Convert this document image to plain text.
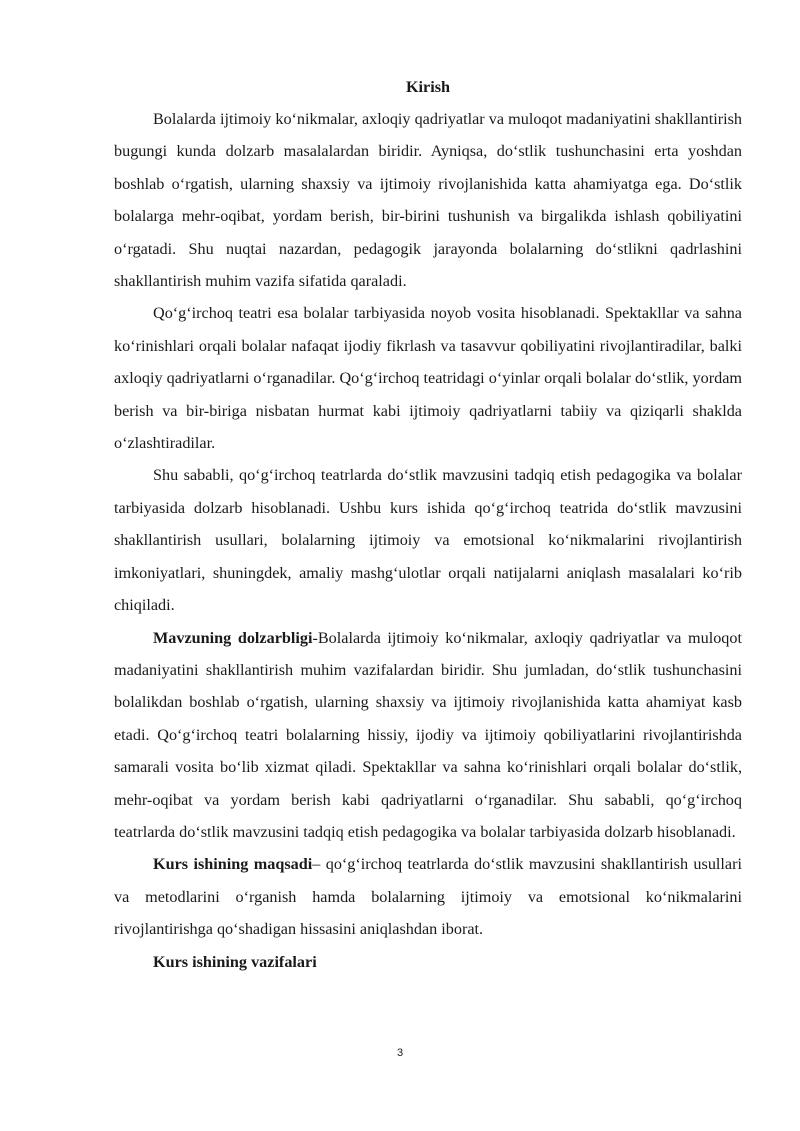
Kirish

Bolalarda ijtimoiy ko‘nikmalar, axloqiy qadriyatlar va muloqot madaniyatini shakllantirish bugungi kunda dolzarb masalalardan biridir. Ayniqsa, do‘stlik tushunchasini erta yoshdan boshlab o‘rgatish, ularning shaxsiy va ijtimoiy rivojlanishida katta ahamiyatga ega. Do‘stlik bolalarga mehr-oqibat, yordam berish, bir-birini tushunish va birgalikda ishlash qobiliyatini o‘rgatadi. Shu nuqtai nazardan, pedagogik jarayonda bolalarning do‘stlikni qadrlashini shakllantirish muhim vazifa sifatida qaraladi.

Qo‘g‘irchoq teatri esa bolalar tarbiyasida noyob vosita hisoblanadi. Spektakllar va sahna ko‘rinishlari orqali bolalar nafaqat ijodiy fikrlash va tasavvur qobiliyatini rivojlantiradilar, balki axloqiy qadriyatlarni o‘rganadilar. Qo‘g‘irchoq teatridagi o‘yinlar orqali bolalar do‘stlik, yordam berish va bir-biriga nisbatan hurmat kabi ijtimoiy qadriyatlarni tabiiy va qiziqarli shaklda o‘zlashtiradilar.

Shu sababli, qo‘g‘irchoq teatrlarda do‘stlik mavzusini tadqiq etish pedagogika va bolalar tarbiyasida dolzarb hisoblanadi. Ushbu kurs ishida qo‘g‘irchoq teatrida do‘stlik mavzusini shakllantirish usullari, bolalarning ijtimoiy va emotsional ko‘nikmalarini rivojlantirish imkoniyatlari, shuningdek, amaliy mashg‘ulotlar orqali natijalarni aniqlash masalalari ko‘rib chiqiladi.

Mavzuning dolzarbligi-Bolalarda ijtimoiy ko‘nikmalar, axloqiy qadriyatlar va muloqot madaniyatini shakllantirish muhim vazifalardan biridir. Shu jumladan, do‘stlik tushunchasini bolalikdan boshlab o‘rgatish, ularning shaxsiy va ijtimoiy rivojlanishida katta ahamiyat kasb etadi. Qo‘g‘irchoq teatri bolalarning hissiy, ijodiy va ijtimoiy qobiliyatlarini rivojlantirishda samarali vosita bo‘lib xizmat qiladi. Spektakllar va sahna ko‘rinishlari orqali bolalar do‘stlik, mehr-oqibat va yordam berish kabi qadriyatlarni o‘rganadilar. Shu sababli, qo‘g‘irchoq teatrlarda do‘stlik mavzusini tadqiq etish pedagogika va bolalar tarbiyasida dolzarb hisoblanadi.

Kurs ishining maqsadi– qo‘g‘irchoq teatrlarda do‘stlik mavzusini shakllantirish usullari va metodlarini o‘rganish hamda bolalarning ijtimoiy va emotsional ko‘nikmalarini rivojlantirishga qo‘shadigan hissasini aniqlashdan iborat.

Kurs ishining vazifalari

3
